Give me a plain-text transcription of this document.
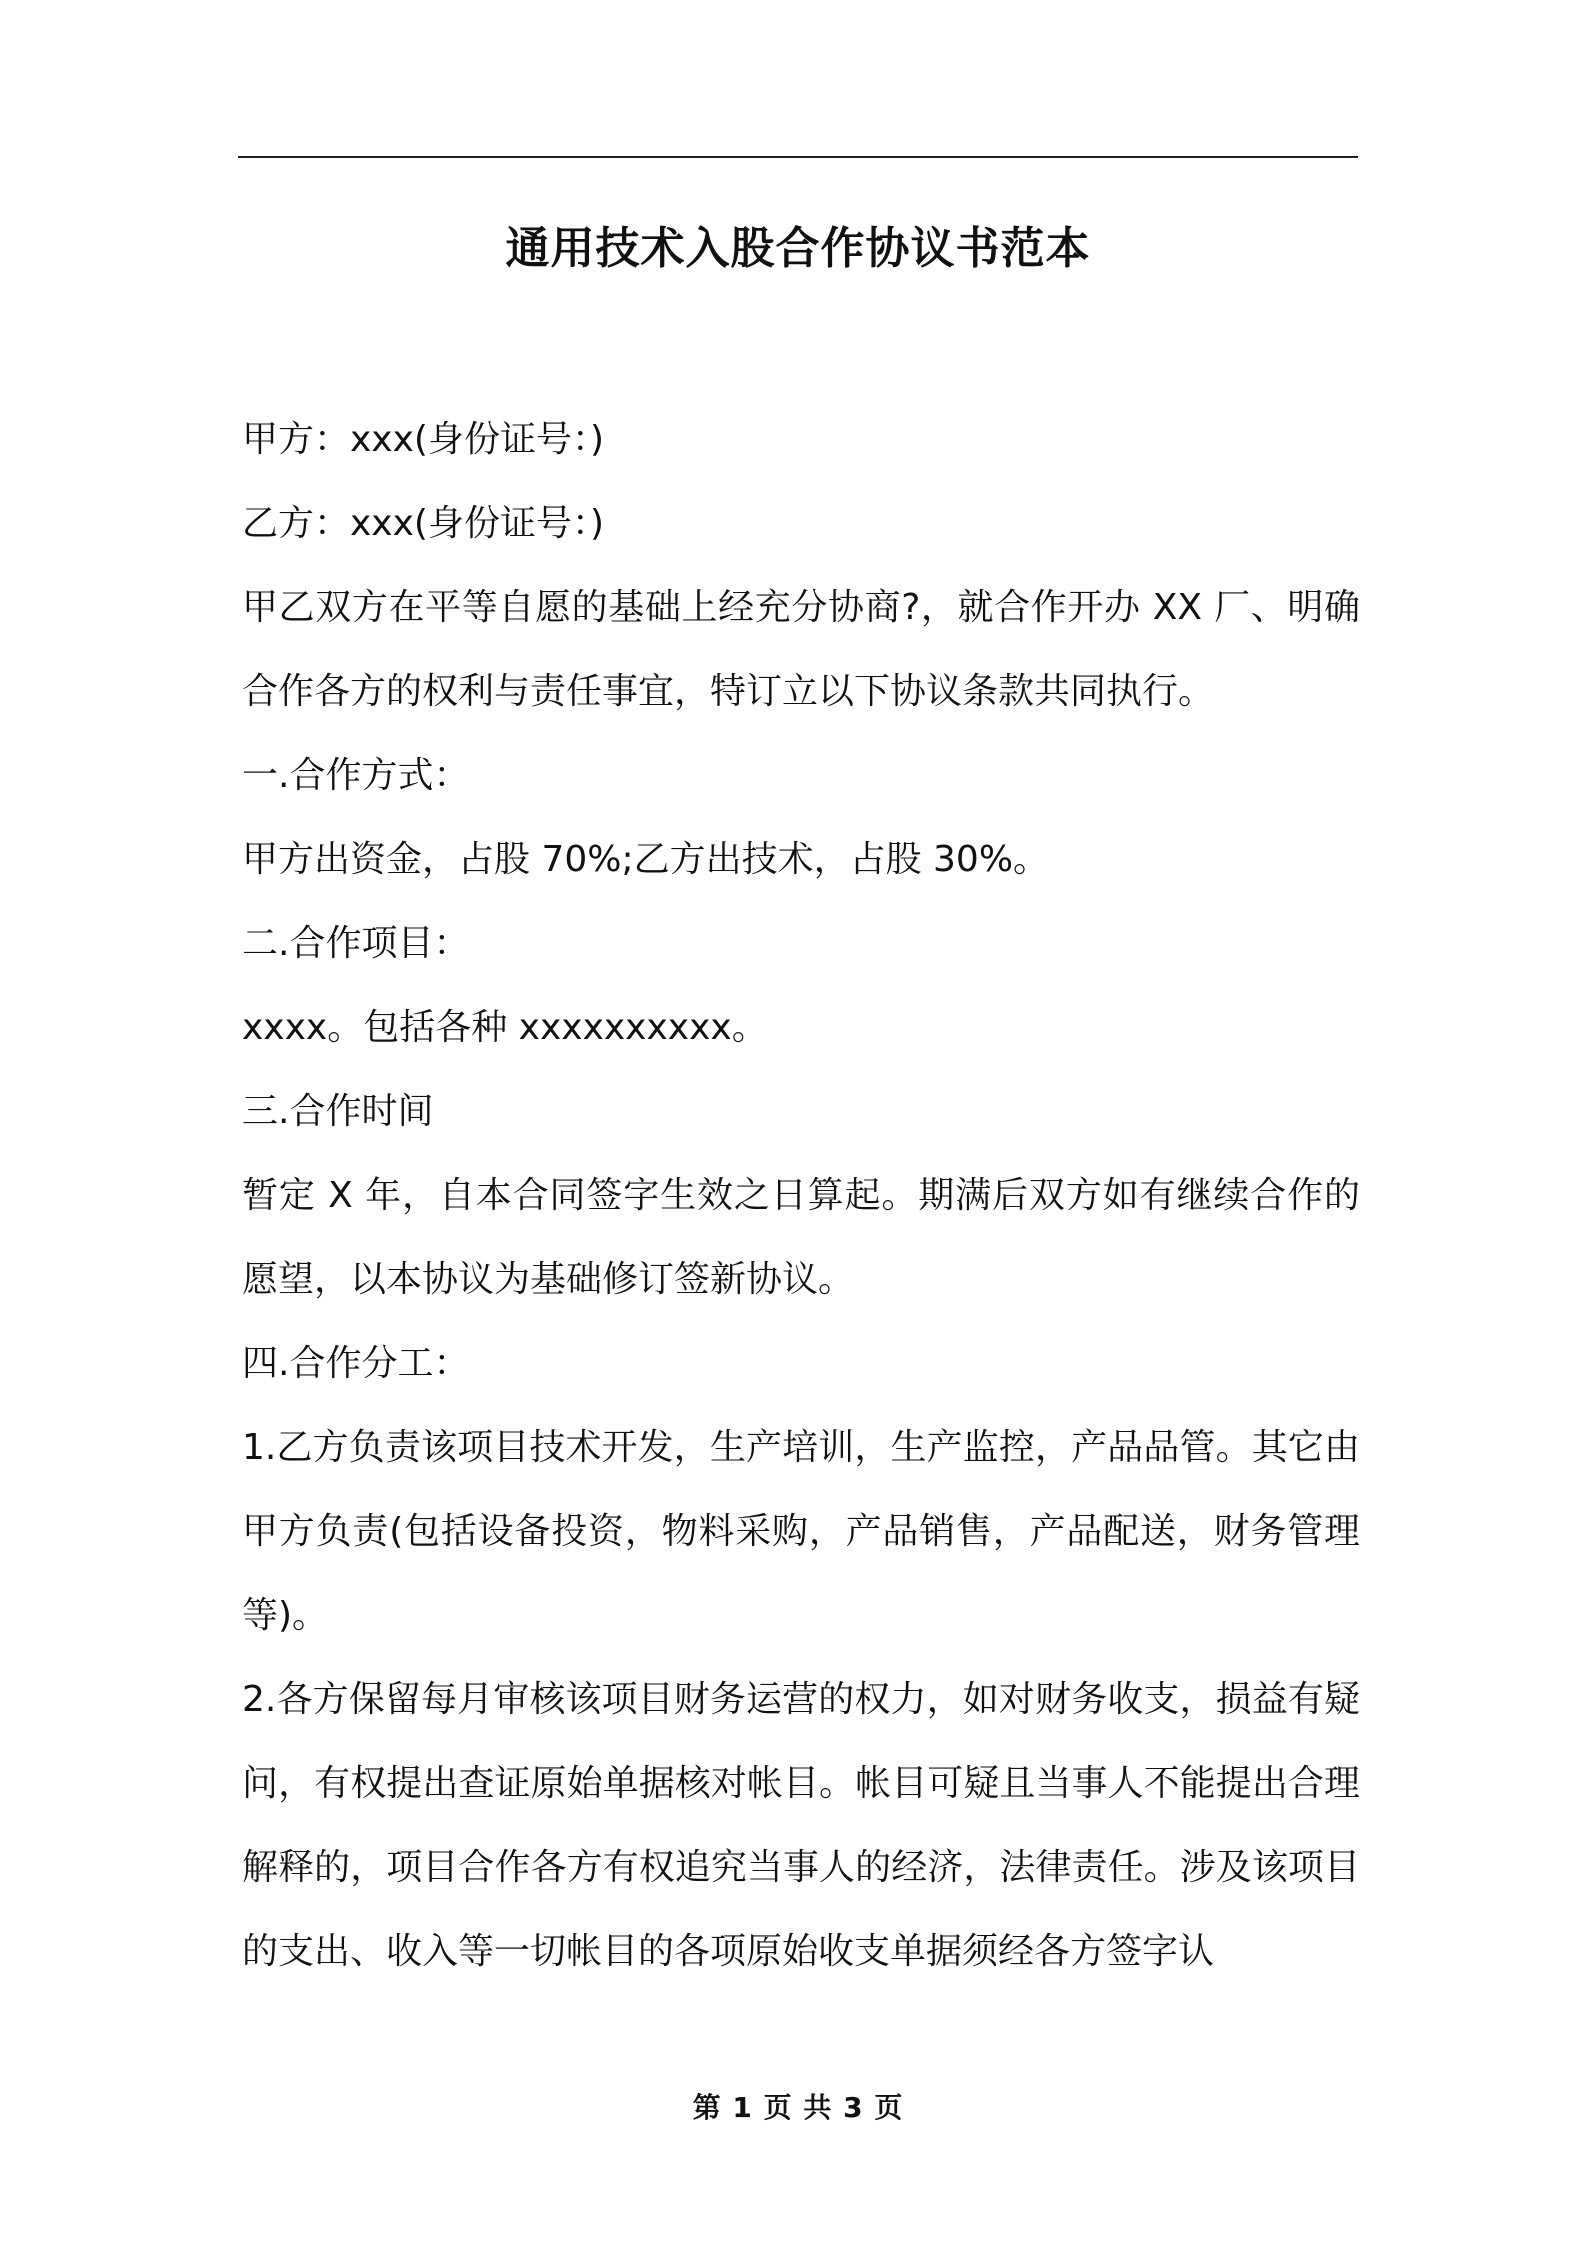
通用技术入股合作协议书范本

甲方：xxx(身份证号：)

乙方：xxx(身份证号：)

甲乙双方在平等自愿的基础上经充分协商?，就合作开办 XX 厂、明确合作各方的权利与责任事宜，特订立以下协议条款共同执行。

一.合作方式：

甲方出资金，占股 70%;乙方出技术，占股 30%。

二.合作项目：

xxxx。包括各种 xxxxxxxxxx。

三.合作时间

暂定 X 年，自本合同签字生效之日算起。期满后双方如有继续合作的愿望，以本协议为基础修订签新协议。

四.合作分工：

1.乙方负责该项目技术开发，生产培训，生产监控，产品品管。其它由甲方负责(包括设备投资，物料采购，产品销售，产品配送，财务管理等)。

2.各方保留每月审核该项目财务运营的权力，如对财务收支，损益有疑问，有权提出查证原始单据核对帐目。帐目可疑且当事人不能提出合理解释的，项目合作各方有权追究当事人的经济，法律责任。涉及该项目的支出、收入等一切帐目的各项原始收支单据须经各方签字认

第 1 页 共 3 页
